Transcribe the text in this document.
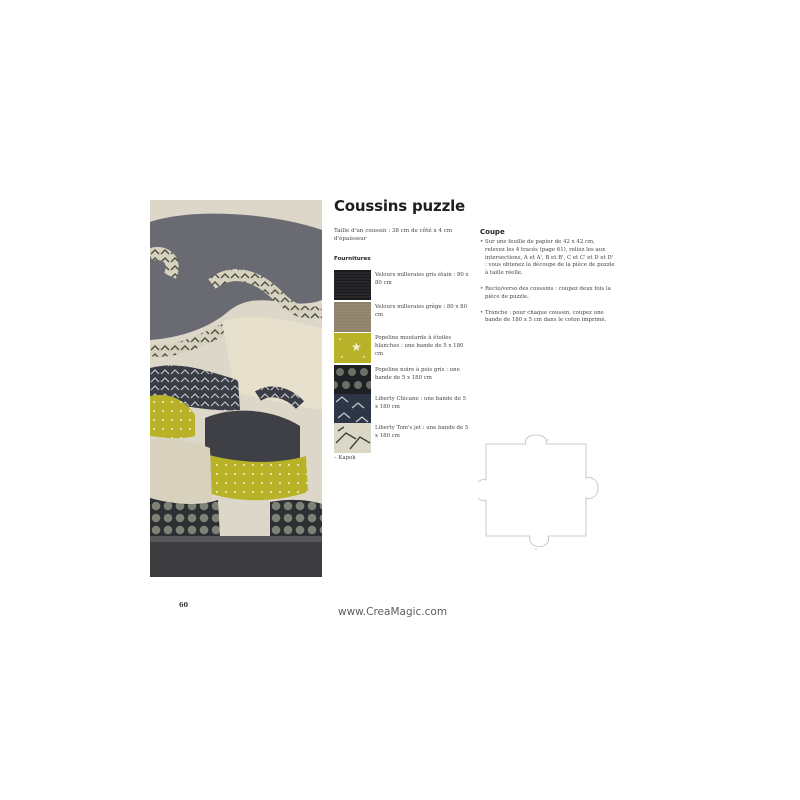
Coussins puzzle
Taille d'un coussin : 38 cm de côté x 4 cm d'épaisseur
Fournitures
Velours milleraies gris étain : 80 x 80 cm
Velours milleraies grège : 80 x 80 cm
★
Popeline moutarde à étoiles blanches : une bande de 5 x 180 cm
Popeline noire à pois gris : une bande de 5 x 180 cm
Liberty Chicane : une bande de 5 x 180 cm
Liberty Tom's jet : une bande de 5 x 180 cm
– Kapok
Coupe
• Sur une feuille de papier de 42 x 42 cm, relevez les 4 tracés (page 61), reliez les aux intersections, A et A', B et B', C et C' et D et D' : vous obtenez la découpe de la pièce de puzzle à taille réelle.
• Recto/verso des coussins : coupez deux fois la pièce de puzzle.
• Tranche : pour chaque coussin, coupez une bande de 180 x 5 cm dans le coton imprimé.
60
www.CreaMagic.com
